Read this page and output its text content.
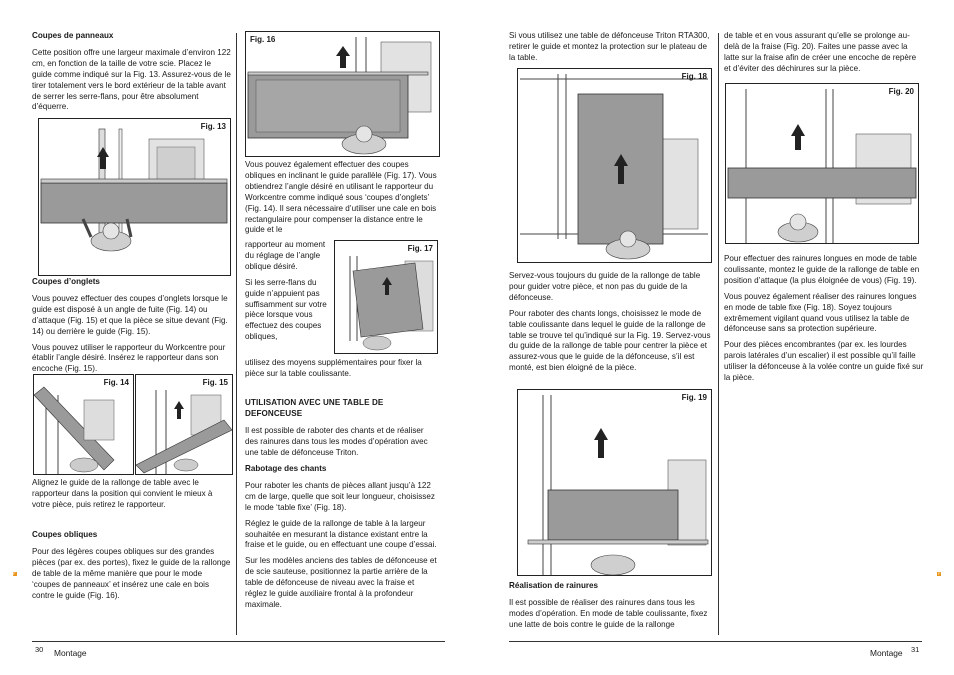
Coupes de panneaux

Cette position offre une largeur maximale d’environ 122 cm, en fonction de la taille de votre scie. Placez le guide comme indiqué sur la Fig. 13. Assurez-vous de le tirer totalement vers le bord extérieur de la table avant de serrer les serre-flans, pour être absolument d’équerre.

Fig. 13
Coupes d’onglets

Vous pouvez effectuer des coupes d’onglets lorsque le guide est disposé à un angle de fuite (Fig. 14) ou d’attaque (Fig. 15) et que la pièce se situe devant (Fig. 14) ou derrière le guide (Fig. 15).

Vous pouvez utiliser le rapporteur du Workcentre pour établir l’angle désiré. Insérez le rapporteur dans son encoche (Fig. 15).

Fig. 14	Fig. 15

Alignez le guide de la rallonge de table avec le rapporteur dans la position qui convient le mieux à votre pièce, puis retirez le rapporteur.

Coupes obliques

Pour des légères coupes obliques sur des grandes pièces (par ex. des portes), fixez le guide de la rallonge de table de la même manière que pour le mode ‘coupes de panneaux’ et insérez une cale en bois contre le guide (Fig. 16).

Fig. 16

Vous pouvez également effectuer des coupes obliques en inclinant le guide parallèle (Fig. 17). Vous obtiendrez l’angle désiré en utilisant le rapporteur du Workcentre comme indiqué sous ‘coupes d’onglets’ (Fig. 14). Il sera nécessaire d’utiliser une cale en bois rectangulaire pour compenser la distance entre le guide et le

rapporteur au moment du réglage de l’angle oblique désiré.

Si les serre-flans du guide n’appuient pas suffisamment sur votre pièce lorsque vous effectuez des coupes obliques,

Fig. 17

utilisez des moyens supplémentaires pour fixer la pièce sur la table coulissante.

UTILISATION AVEC UNE TABLE DE DEFONCEUSE

Il est possible de raboter des chants et de réaliser des rainures dans tous les modes d’opération avec une table de défonceuse Triton.

Rabotage des chants

Pour raboter les chants de pièces allant jusqu’à 122 cm de large, quelle que soit leur longueur, choisissez le mode ‘table fixe’ (Fig. 18).

Réglez le guide de la rallonge de table à la largeur souhaitée en mesurant la distance existant entre la fraise et le guide, ou en effectuant une coupe d’essai.

Sur les modèles anciens des tables de défonceuse et de scie sauteuse, positionnez la partie arrière de la table de défonceuse de niveau avec la fraise et réglez le guide auxiliaire frontal à la profondeur maximale.

30 Montage
F

Si vous utilisez une table de défonceuse Triton RTA300, retirer le guide et montez la protection sur le plateau de la table.

Fig. 18

Servez-vous toujours du guide de la rallonge de table pour guider votre pièce, et non pas du guide de la défonceuse.

Pour raboter des chants longs, choisissez le mode de table coulissante dans lequel le guide de la rallonge de table se trouve tel qu’indiqué sur la Fig. 19. Servez-vous du guide de la rallonge de table pour centrer la pièce et assurez-vous que le guide de la défonceuse, s’il est monté, est bien éloigné de la pièce.

Fig. 19
Réalisation de rainures

Il est possible de réaliser des rainures dans tous les modes d’opération. En mode de table coulissante, fixez une latte de bois contre le guide de la rallonge

de table et en vous assurant qu’elle se prolonge au-delà de la fraise (Fig. 20). Faites une passe avec la latte sur la fraise afin de créer une encoche de repère et d’éviter des déchirures sur la pièce.

Fig. 20

Pour effectuer des rainures longues en mode de table coulissante, montez le guide de la rallonge de table en position d’attaque (la plus éloignée de vous) (Fig. 19).

Vous pouvez également réaliser des rainures longues en mode de table fixe (Fig. 18). Soyez toujours extrêmement vigilant quand vous utilisez la table de défonceuse sans sa protection supérieure.

Pour des pièces encombrantes (par ex. les lourdes parois latérales d’un escalier) il est possible qu’il faille utiliser la défonceuse à la volée contre un guide fixé sur la pièce.

Montage 31
F
